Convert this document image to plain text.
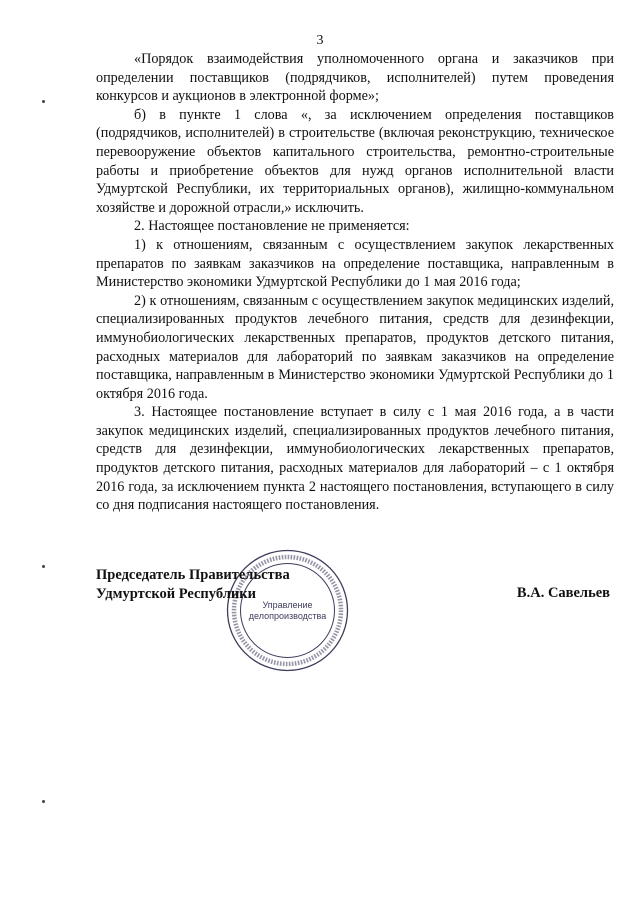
3

«Порядок взаимодействия уполномоченного органа и заказчиков при определении поставщиков (подрядчиков, исполнителей) путем проведения конкурсов и аукционов в электронной форме»;

б) в пункте 1 слова «, за исключением определения поставщиков (подрядчиков, исполнителей) в строительстве (включая реконструкцию, техническое перевооружение объектов капитального строительства, ремонтно-строительные работы и приобретение объектов для нужд органов исполнительной власти Удмуртской Республики, их территориальных органов), жилищно-коммунальном хозяйстве и дорожной отрасли,» исключить.

2. Настоящее постановление не применяется:

1) к отношениям, связанным с осуществлением закупок лекарственных препаратов по заявкам заказчиков на определение поставщика, направленным в Министерство экономики Удмуртской Республики до 1 мая 2016 года;

2) к отношениям, связанным с осуществлением закупок медицинских изделий, специализированных продуктов лечебного питания, средств для дезинфекции, иммунобиологических лекарственных препаратов, продуктов детского питания, расходных материалов для лабораторий по заявкам заказчиков на определение поставщика, направленным в Министерство экономики Удмуртской Республики до 1 октября 2016 года.

3. Настоящее постановление вступает в силу с 1 мая 2016 года, а в части закупок медицинских изделий, специализированных продуктов лечебного питания, средств для дезинфекции, иммунобиологических лекарственных препаратов, продуктов детского питания, расходных материалов для лабораторий – с 1 октября 2016 года, за исключением пункта 2 настоящего постановления, вступающего в силу со дня подписания настоящего постановления.

Управление
делопроизводства
Председатель Правительства
Удмуртской Республики	В.А. Савельев
